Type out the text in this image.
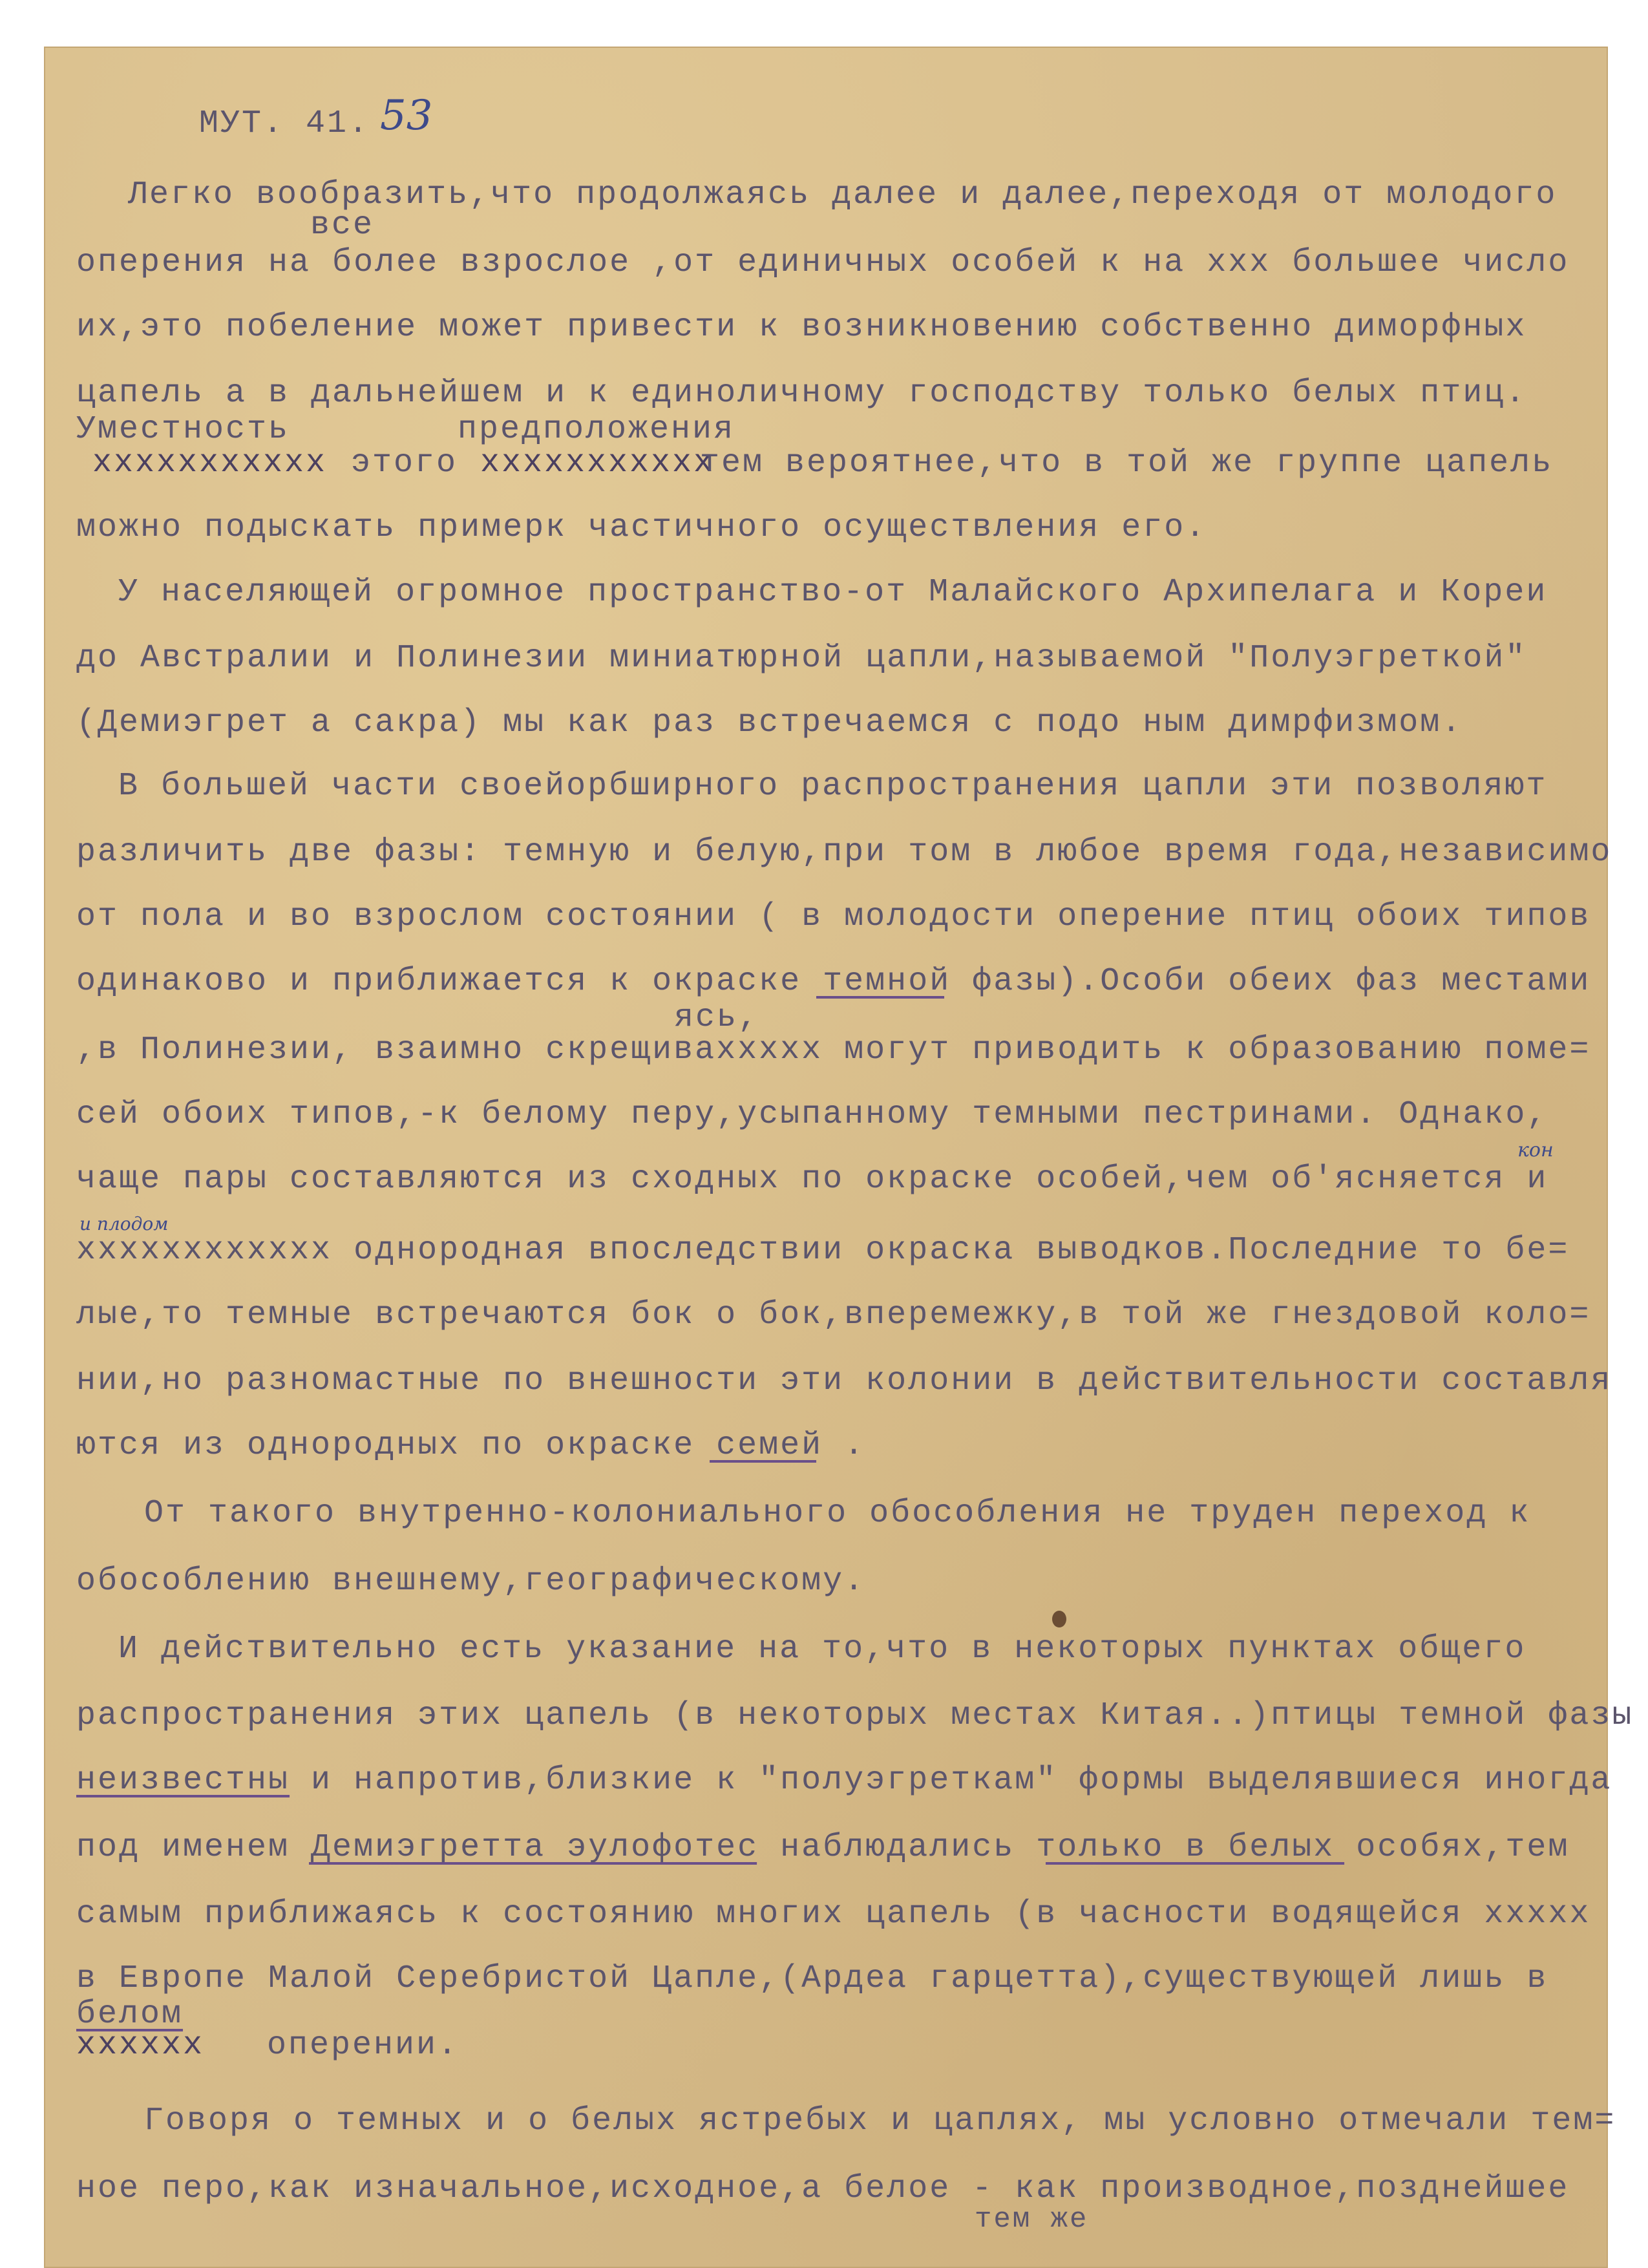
МУТ. 41. 53
все
Легко вообразить,что продолжаясь далее и далее,переходя от молодого
оперения на более взрослое ,от единичных особей к на ххх большее число
их,это побеление может привести к возникновению собственно диморфных
цапель а в дальнейшем и к единоличному господству только белых птиц.
Уместность	предположения
ххххххххххх этого ххххххххххх
тем вероятнее,что в той же группе цапель
можно подыскать примерк частичного осуществления его.
У населяющей огромное пространство-от Малайского Архипелага и Кореи
до Австралии и Полинезии миниатюрной цапли,называемой "Полуэгреткой"
(Демиэгрет а сакра) мы как раз встречаемся с подо ным димрфизмом.
В большей части своейорбширного распространения цапли эти позволяют
различить две фазы: темную и белую,при том в любое время года,независимо
от пола и во взрослом состоянии ( в молодости оперение птиц обоих типов
одинаково и приближается к окраске темной фазы).Особи обеих фаз местами
ясь,
,в Полинезии, взаимно скрещиваххххх могут приводить к образованию поме=
сей обоих типов,-к белому перу,усыпанному темными пестринами. Однако,
чаще пары составляются из сходных по окраске особей,чем об'ясняется и
кон
и плодом
хххххххххххх однородная впоследствии окраска выводков.Последние то бе=
лые,то темные встречаются бок о бок,вперемежку,в той же гнездовой коло=
нии,но разномастные по внешности эти колонии в действительности составля
ются из однородных по окраске семей .
От такого внутренно-колониального обособления не труден переход к
обособлению внешнему,географическому.
И действительно есть указание на то,что в некоторых пунктах общего
распространения этих цапель (в некоторых местах Китая..)птицы темной фазы
неизвестны и напротив,близкие к "полуэгреткам" формы выделявшиеся иногда
под именем Демиэгретта эулофотес наблюдались только в белых особях,тем
самым приближаясь к состоянию многих цапель (в часности водящейся ххххх
в Европе Малой Серебристой Цапле,(Ардеа гарцетта),существующей лишь в
белом
хххххх оперении.
Говоря о темных и о белых ястребых и цаплях, мы условно отмечали тем=
ное перо,как изначальное,исходное,а белое - как производное,позднейшее
тем же
